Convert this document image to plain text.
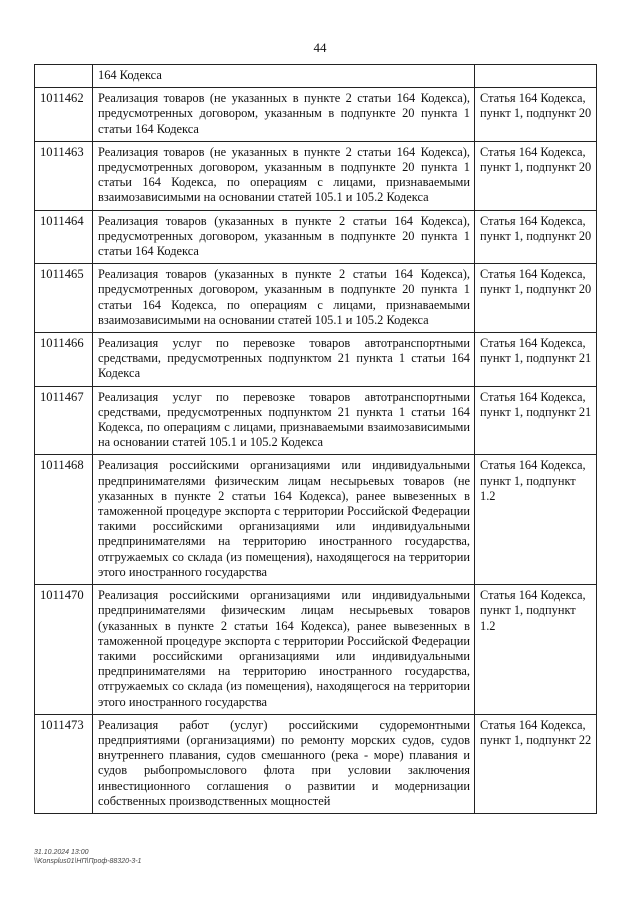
44
	164 Кодекса	
1011462	Реализация товаров (не указанных в пункте 2 статьи 164 Кодекса), предусмотренных договором, указанным в подпункте 20 пункта 1 статьи 164 Кодекса	Статья 164 Кодекса, пункт 1, подпункт 20
1011463	Реализация товаров (не указанных в пункте 2 статьи 164 Кодекса), предусмотренных договором, указанным в подпункте 20 пункта 1 статьи 164 Кодекса, по операциям с лицами, признаваемыми взаимозависимыми на основании статей 105.1 и 105.2 Кодекса	Статья 164 Кодекса, пункт 1, подпункт 20
1011464	Реализация товаров (указанных в пункте 2 статьи 164 Кодекса), предусмотренных договором, указанным в подпункте 20 пункта 1 статьи 164 Кодекса	Статья 164 Кодекса, пункт 1, подпункт 20
1011465	Реализация товаров (указанных в пункте 2 статьи 164 Кодекса), предусмотренных договором, указанным в подпункте 20 пункта 1 статьи 164 Кодекса, по операциям с лицами, признаваемыми взаимозависимыми на основании статей 105.1 и 105.2 Кодекса	Статья 164 Кодекса, пункт 1, подпункт 20
1011466	Реализация услуг по перевозке товаров автотранспортными средствами, предусмотренных подпунктом 21 пункта 1 статьи 164 Кодекса	Статья 164 Кодекса, пункт 1, подпункт 21
1011467	Реализация услуг по перевозке товаров автотранспортными средствами, предусмотренных подпунктом 21 пункта 1 статьи 164 Кодекса, по операциям с лицами, признаваемыми взаимозависимыми на основании статей 105.1 и 105.2 Кодекса	Статья 164 Кодекса, пункт 1, подпункт 21
1011468	Реализация российскими организациями или индивидуальными предпринимателями физическим лицам несырьевых товаров (не указанных в пункте 2 статьи 164 Кодекса), ранее вывезенных в таможенной процедуре экспорта с территории Российской Федерации такими российскими организациями или индивидуальными предпринимателями на территорию иностранного государства, отгружаемых со склада (из помещения), находящегося на территории этого иностранного государства	Статья 164 Кодекса, пункт 1, подпункт 1.2
1011470	Реализация российскими организациями или индивидуальными предпринимателями физическим лицам несырьевых товаров (указанных в пункте 2 статьи 164 Кодекса), ранее вывезенных в таможенной процедуре экспорта с территории Российской Федерации такими российскими организациями или индивидуальными предпринимателями на территорию иностранного государства, отгружаемых со склада (из помещения), находящегося на территории этого иностранного государства	Статья 164 Кодекса, пункт 1, подпункт 1.2
1011473	Реализация работ (услуг) российскими судоремонтными предприятиями (организациями) по ремонту морских судов, судов внутреннего плавания, судов смешанного (река - море) плавания и судов рыбопромыслового флота при условии заключения инвестиционного соглашения о развитии и модернизации собственных производственных мощностей	Статья 164 Кодекса, пункт 1, подпункт 22
31.10.2024 13:00
\\Konsplus01\НП\Проф-88320-3-1
